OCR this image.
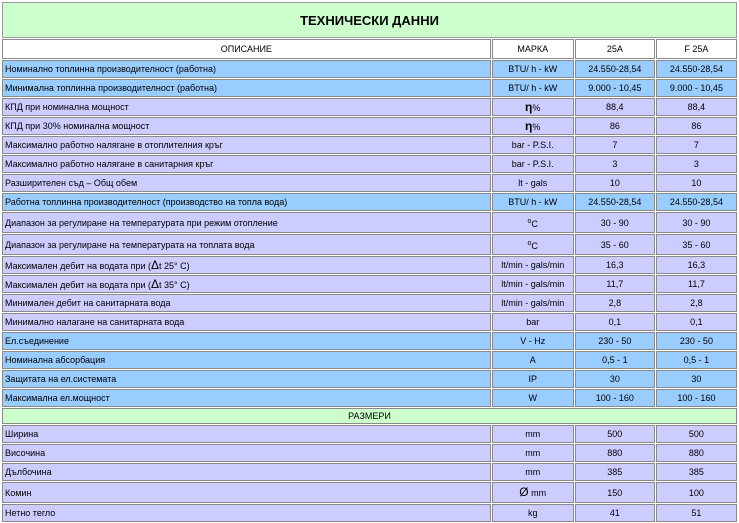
ТЕХНИЧЕСКИ ДАННИ
ОПИСАНИЕ	МАРКА	25А	F 25А
Номинално топлинна производителност (работна)	BTU/ h - kW	24.550-28,54	24.550-28,54
Минимална топлинна производителност (работна)	BTU/ h - kW	9.000 - 10,45	9.000 - 10,45
КПД при номинална мощност	η%	88,4	88,4
КПД при 30% номинална мощност	η%	86	86
Максимално работно налягане в отоплителния кръг	bar - P.S.I.	7	7
Максимално работно налягане в санитарния кръг	bar - P.S.I.	3	3
Разширителен съд – Общ обем	lt - gals	10	10
Работна топлинна производителност (производство на топла вода)	BTU/ h - kW	24.550-28,54	24.550-28,54
Диапазон за регулиране на температурата при режим отопление	$^o$C	30 - 90	30 - 90
Диапазон за регулиране на температурата на топлата вода	$^o$C	35 - 60	35 - 60
Максимален дебит на водата при (Δt 25° C)	lt/min - gals/min	16,3	16,3
Максимален дебит на водата при (Δt 35° C)	lt/min - gals/min	11,7	11,7
Минимален дебит на санитарната вода	lt/min - gals/min	2,8	2,8
Минимално налагане на санитарната вода	bar	0,1	0,1
Ел.съединение	V - Hz	230 - 50	230 - 50
Номинална абсорбация	A	0,5 - 1	0,5 - 1
Защитата на ел.системата	IP	30	30
Максимална ел.мощност	W	100 - 160	100 - 160
РАЗМЕРИ			
Ширина	mm	500	500
Височина	mm	880	880
Дълбочина	mm	385	385
Комин	Ø mm	150	100
Нетно тегло	kg	41	51
